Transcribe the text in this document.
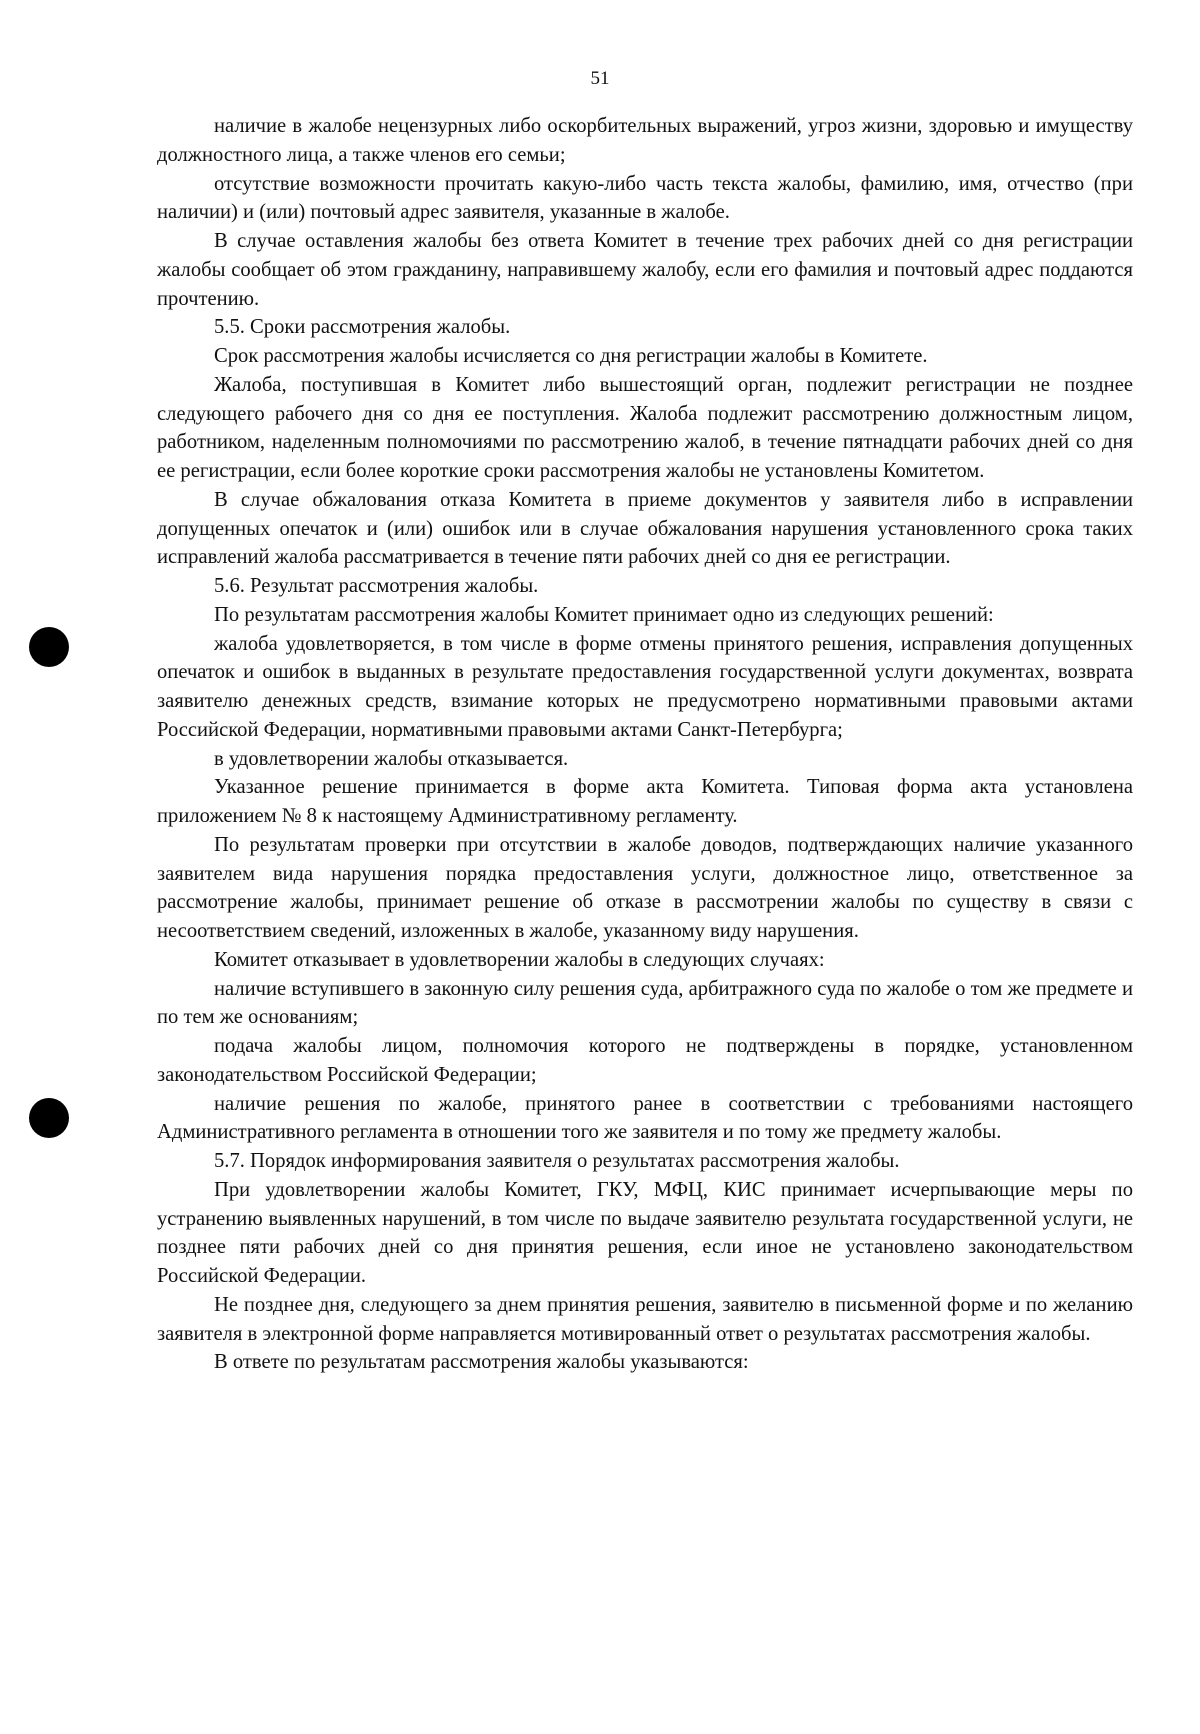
51

наличие в жалобе нецензурных либо оскорбительных выражений, угроз жизни, здоровью и имуществу должностного лица, а также членов его семьи;

отсутствие возможности прочитать какую-либо часть текста жалобы, фамилию, имя, отчество (при наличии) и (или) почтовый адрес заявителя, указанные в жалобе.

В случае оставления жалобы без ответа Комитет в течение трех рабочих дней со дня регистрации жалобы сообщает об этом гражданину, направившему жалобу, если его фамилия и почтовый адрес поддаются прочтению.

5.5. Сроки рассмотрения жалобы.

Срок рассмотрения жалобы исчисляется со дня регистрации жалобы в Комитете.

Жалоба, поступившая в Комитет либо вышестоящий орган, подлежит регистрации не позднее следующего рабочего дня со дня ее поступления. Жалоба подлежит рассмотрению должностным лицом, работником, наделенным полномочиями по рассмотрению жалоб, в течение пятнадцати рабочих дней со дня ее регистрации, если более короткие сроки рассмотрения жалобы не установлены Комитетом.

В случае обжалования отказа Комитета в приеме документов у заявителя либо в исправлении допущенных опечаток и (или) ошибок или в случае обжалования нарушения установленного срока таких исправлений жалоба рассматривается в течение пяти рабочих дней со дня ее регистрации.

5.6. Результат рассмотрения жалобы.

По результатам рассмотрения жалобы Комитет принимает одно из следующих решений:

жалоба удовлетворяется, в том числе в форме отмены принятого решения, исправления допущенных опечаток и ошибок в выданных в результате предоставления государственной услуги документах, возврата заявителю денежных средств, взимание которых не предусмотрено нормативными правовыми актами Российской Федерации, нормативными правовыми актами Санкт-Петербурга;

в удовлетворении жалобы отказывается.

Указанное решение принимается в форме акта Комитета. Типовая форма акта установлена приложением № 8 к настоящему Административному регламенту.

По результатам проверки при отсутствии в жалобе доводов, подтверждающих наличие указанного заявителем вида нарушения порядка предоставления услуги, должностное лицо, ответственное за рассмотрение жалобы, принимает решение об отказе в рассмотрении жалобы по существу в связи с несоответствием сведений, изложенных в жалобе, указанному виду нарушения.

Комитет отказывает в удовлетворении жалобы в следующих случаях:

наличие вступившего в законную силу решения суда, арбитражного суда по жалобе о том же предмете и по тем же основаниям;

подача жалобы лицом, полномочия которого не подтверждены в порядке, установленном законодательством Российской Федерации;

наличие решения по жалобе, принятого ранее в соответствии с требованиями настоящего Административного регламента в отношении того же заявителя и по тому же предмету жалобы.

5.7. Порядок информирования заявителя о результатах рассмотрения жалобы.

При удовлетворении жалобы Комитет, ГКУ, МФЦ, КИС принимает исчерпывающие меры по устранению выявленных нарушений, в том числе по выдаче заявителю результата государственной услуги, не позднее пяти рабочих дней со дня принятия решения, если иное не установлено законодательством Российской Федерации.

Не позднее дня, следующего за днем принятия решения, заявителю в письменной форме и по желанию заявителя в электронной форме направляется мотивированный ответ о результатах рассмотрения жалобы.

В ответе по результатам рассмотрения жалобы указываются:
